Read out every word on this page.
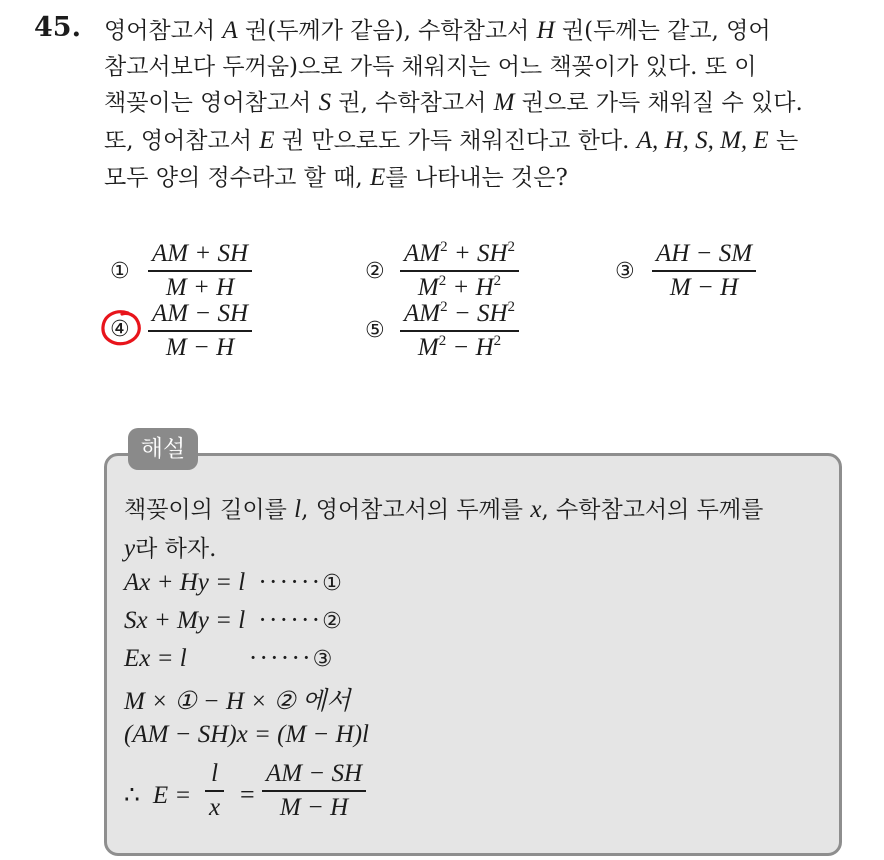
45. 영어참고서 A 권(두께가 같음), 수학참고서 H 권(두께는 같고, 영어
참고서보다 두꺼움)으로 가득 채워지는 어느 책꽂이가 있다. 또 이
책꽂이는 영어참고서 S 권, 수학참고서 M 권으로 가득 채워질 수 있다.
또, 영어참고서 E 권 만으로도 가득 채워진다고 한다. A, H, S, M, E 는
모두 양의 정수라고 할 때, E를 나타내는 것은?
①
AM + SH
M + H
②
$AM^2 + SH^2$
$M^2 + H^2$	③
AH − SM
M − H
④
AM − SH
M − H
⑤
$AM^2 - SH^2$
$M^2 - H^2$
해설
책꽂이의 길이를 l, 영어참고서의 두께를 x, 수학참고서의 두께를
y라 하자.
Ax + Hy = l ······①
Sx + My = l ······②
Ex = l ······③
M × ① − H × ② 에서
(AM − SH)x = (M − H)l
∴ E =
l
x =
AM − SH
M − H
